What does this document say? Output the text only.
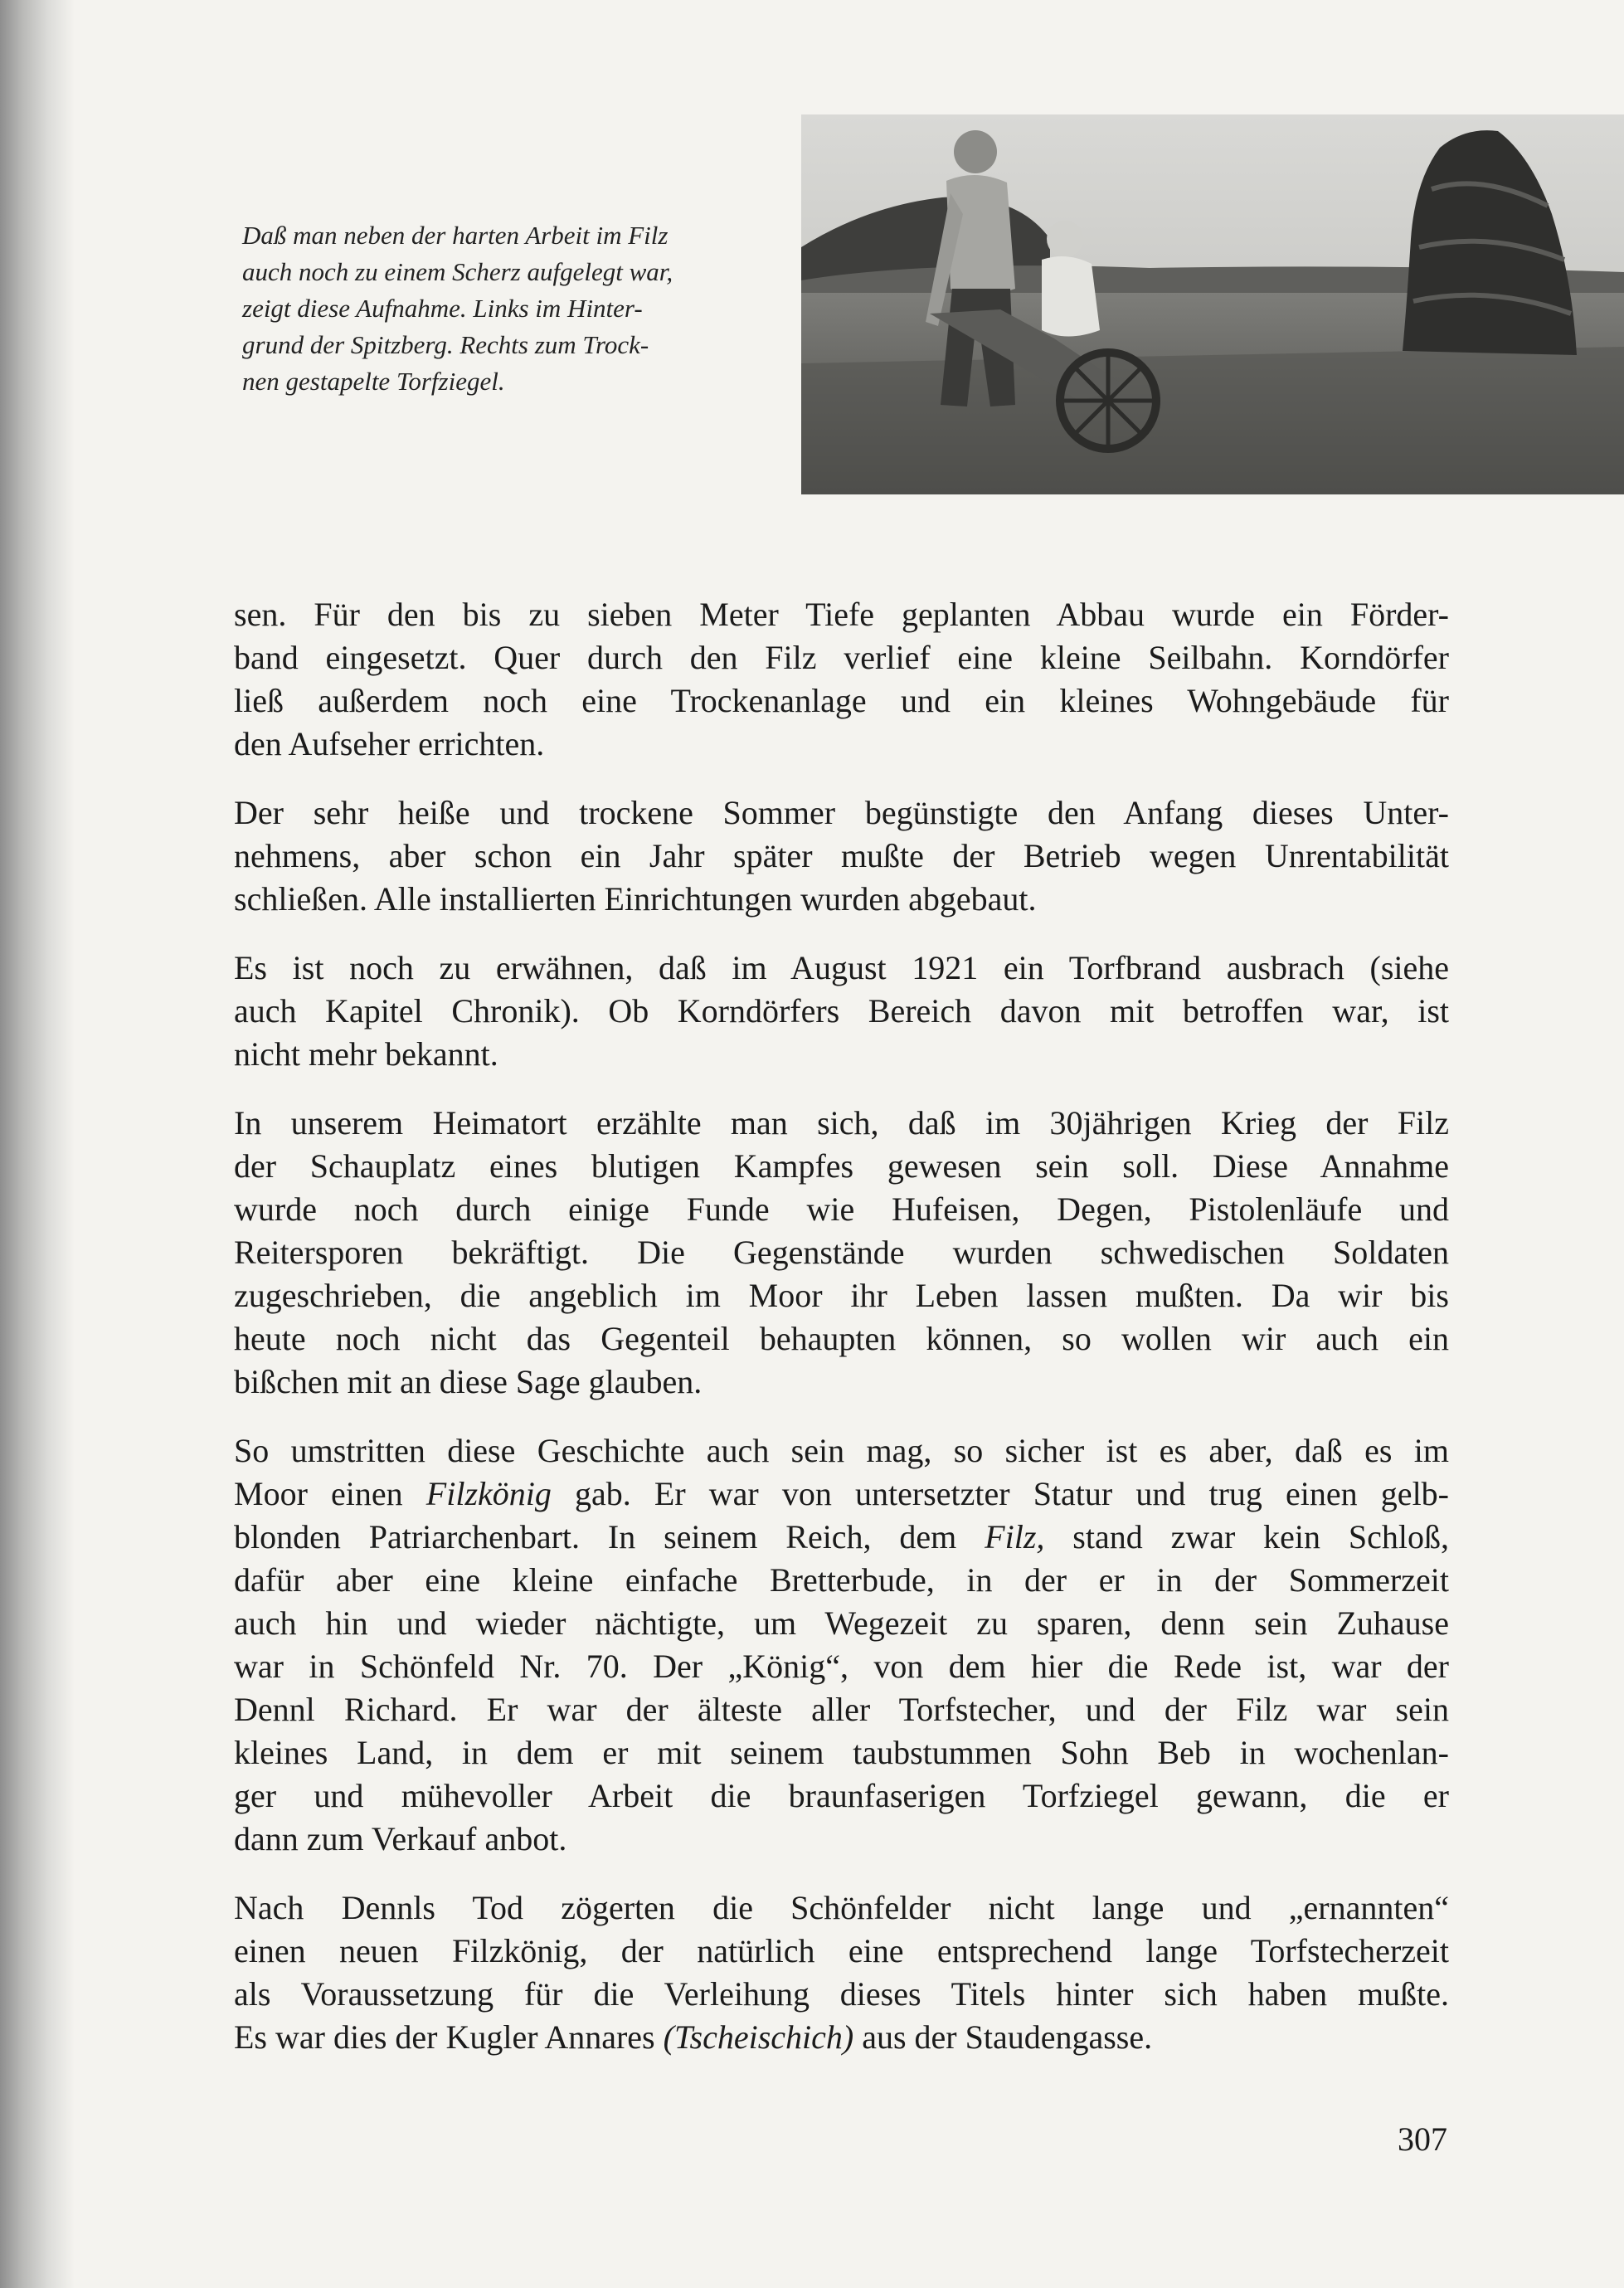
Daß man neben der harten Arbeit im Filz
auch noch zu einem Scherz aufgelegt war,
zeigt diese Aufnahme. Links im Hinter-
grund der Spitzberg. Rechts zum Trock-
nen gestapelte Torfziegel.

sen. Für den bis zu sieben Meter Tiefe geplanten Abbau wurde ein Förder-
band eingesetzt. Quer durch den Filz verlief eine kleine Seilbahn. Korndörfer
ließ außerdem noch eine Trockenanlage und ein kleines Wohngebäude für
den Aufseher errichten.

Der sehr heiße und trockene Sommer begünstigte den Anfang dieses Unter-
nehmens, aber schon ein Jahr später mußte der Betrieb wegen Unrentabilität
schließen. Alle installierten Einrichtungen wurden abgebaut.

Es ist noch zu erwähnen, daß im August 1921 ein Torfbrand ausbrach (siehe
auch Kapitel Chronik). Ob Korndörfers Bereich davon mit betroffen war, ist
nicht mehr bekannt.

In unserem Heimatort erzählte man sich, daß im 30jährigen Krieg der Filz
der Schauplatz eines blutigen Kampfes gewesen sein soll. Diese Annahme
wurde noch durch einige Funde wie Hufeisen, Degen, Pistolenläufe und
Reitersporen bekräftigt. Die Gegenstände wurden schwedischen Soldaten
zugeschrieben, die angeblich im Moor ihr Leben lassen mußten. Da wir bis
heute noch nicht das Gegenteil behaupten können, so wollen wir auch ein
bißchen mit an diese Sage glauben.

So umstritten diese Geschichte auch sein mag, so sicher ist es aber, daß es im
Moor einen Filzkönig gab. Er war von untersetzter Statur und trug einen gelb-
blonden Patriarchenbart. In seinem Reich, dem Filz, stand zwar kein Schloß,
dafür aber eine kleine einfache Bretterbude, in der er in der Sommerzeit
auch hin und wieder nächtigte, um Wegezeit zu sparen, denn sein Zuhause
war in Schönfeld Nr. 70. Der „König“, von dem hier die Rede ist, war der
Dennl Richard. Er war der älteste aller Torfstecher, und der Filz war sein
kleines Land, in dem er mit seinem taubstummen Sohn Beb in wochenlan-
ger und mühevoller Arbeit die braunfaserigen Torfziegel gewann, die er
dann zum Verkauf anbot.

Nach Dennls Tod zögerten die Schönfelder nicht lange und „ernannten“
einen neuen Filzkönig, der natürlich eine entsprechend lange Torfstecherzeit
als Voraussetzung für die Verleihung dieses Titels hinter sich haben mußte.
Es war dies der Kugler Annares (Tscheischich) aus der Staudengasse.

307
